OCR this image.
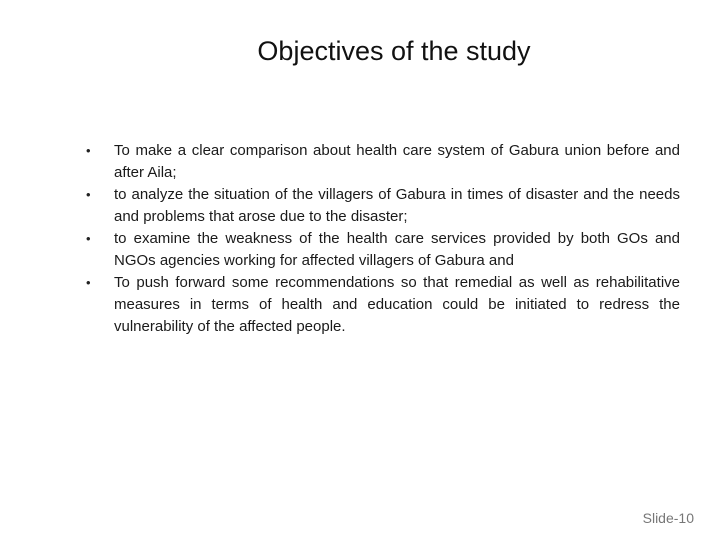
Objectives of the study
• To make a clear comparison about health care system of Gabura union before and after Aila;
• to analyze the situation of the villagers of Gabura in times of disaster and the needs and problems that arose due to the disaster;
• to examine the weakness of the health care services provided by both GOs and NGOs agencies working for affected villagers of Gabura and
• To push forward some recommendations so that remedial as well as rehabilitative measures in terms of health and education could be initiated to redress the vulnerability of the affected people.
Slide-10
